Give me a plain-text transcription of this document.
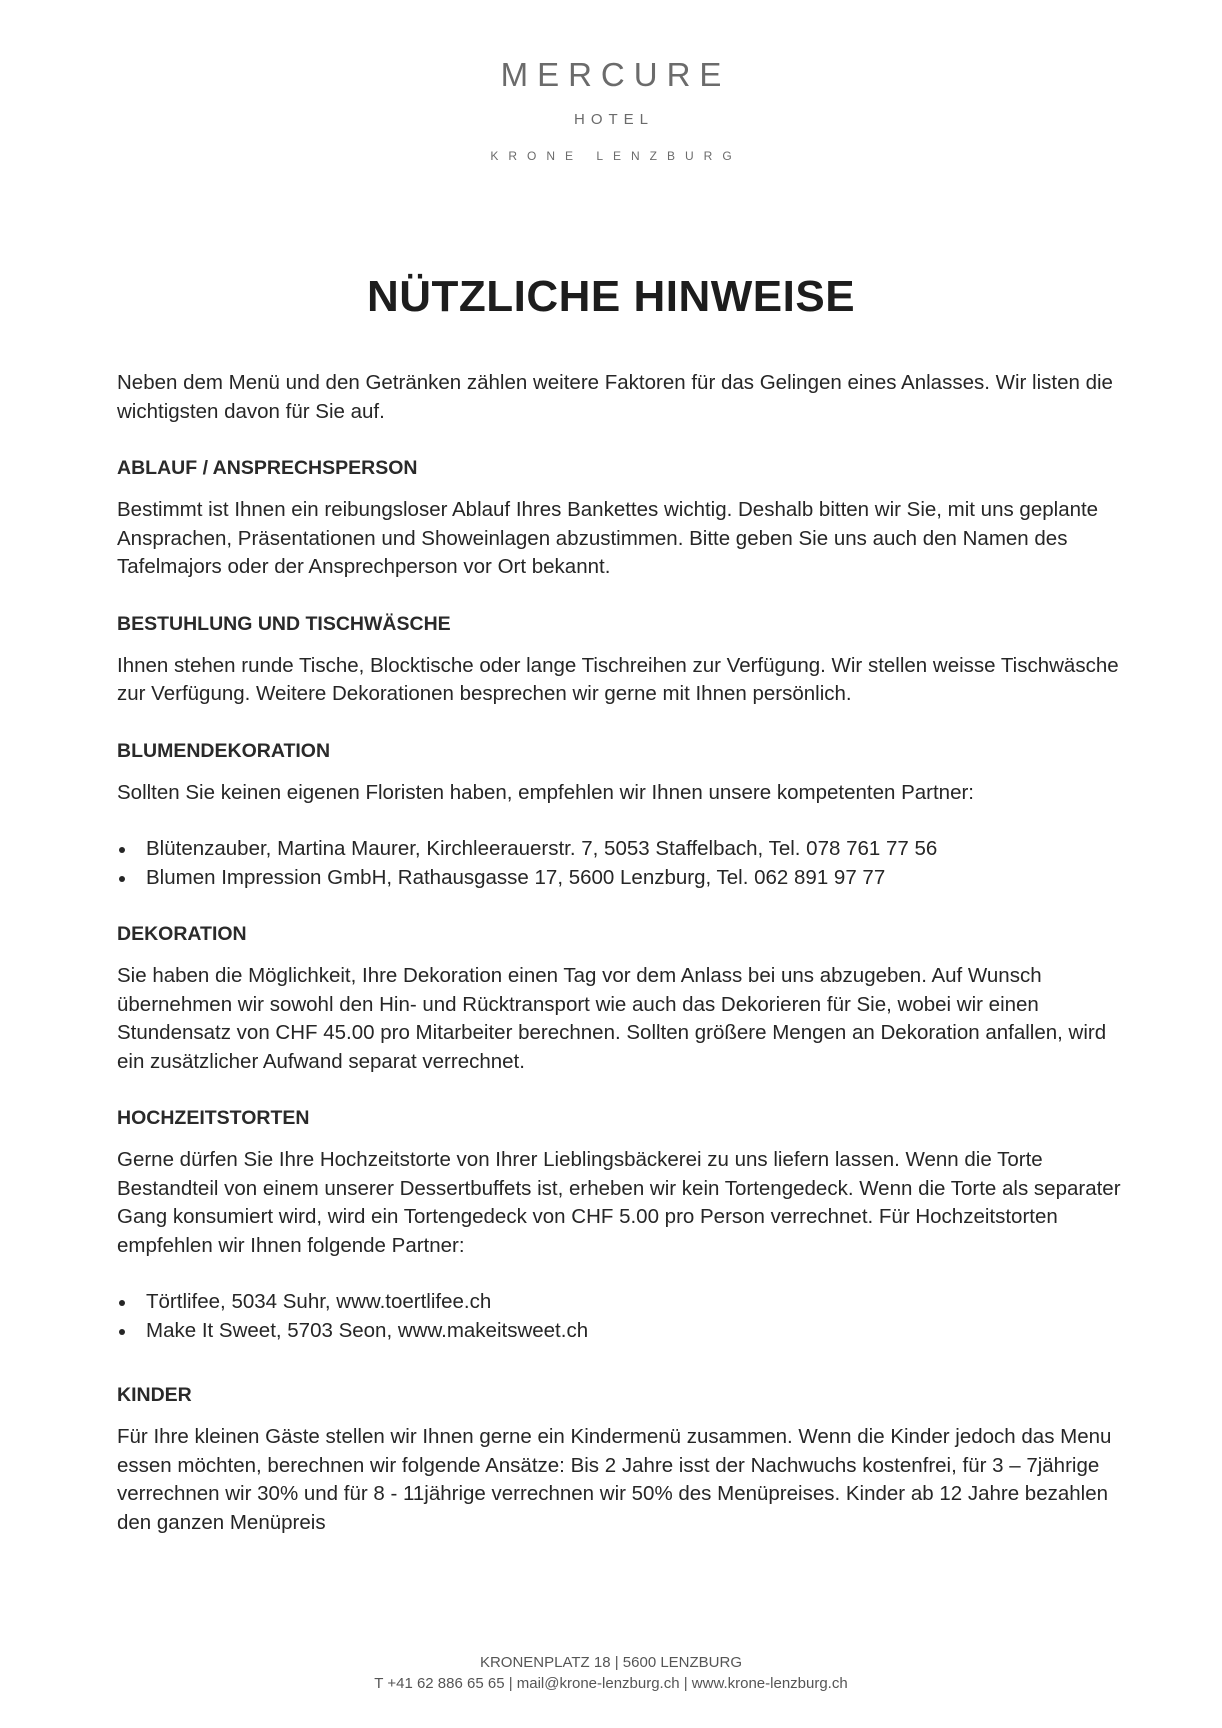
MERCURE
HOTEL
KRONE LENZBURG
NÜTZLICHE HINWEISE

Neben dem Menü und den Getränken zählen weitere Faktoren für das Gelingen eines Anlasses. Wir listen die wichtigsten davon für Sie auf.

ABLAUF / ANSPRECHSPERSON

Bestimmt ist Ihnen ein reibungsloser Ablauf Ihres Bankettes wichtig. Deshalb bitten wir Sie, mit uns geplante Ansprachen, Präsentationen und Showeinlagen abzustimmen. Bitte geben Sie uns auch den Namen des Tafelmajors oder der Ansprechperson vor Ort bekannt.

BESTUHLUNG UND TISCHWÄSCHE

Ihnen stehen runde Tische, Blocktische oder lange Tischreihen zur Verfügung. Wir stellen weisse Tischwäsche zur Verfügung. Weitere Dekorationen besprechen wir gerne mit Ihnen persönlich.

BLUMENDEKORATION

Sollten Sie keinen eigenen Floristen haben, empfehlen wir Ihnen unsere kompetenten Partner:

Blütenzauber, Martina Maurer, Kirchleerauerstr. 7, 5053 Staffelbach, Tel. 078 761 77 56
Blumen Impression GmbH, Rathausgasse 17, 5600 Lenzburg, Tel. 062 891 97 77
DEKORATION

Sie haben die Möglichkeit, Ihre Dekoration einen Tag vor dem Anlass bei uns abzugeben. Auf Wunsch übernehmen wir sowohl den Hin- und Rücktransport wie auch das Dekorieren für Sie, wobei wir einen Stundensatz von CHF 45.00 pro Mitarbeiter berechnen. Sollten größere Mengen an Dekoration anfallen, wird ein zusätzlicher Aufwand separat verrechnet.

HOCHZEITSTORTEN

Gerne dürfen Sie Ihre Hochzeitstorte von Ihrer Lieblingsbäckerei zu uns liefern lassen. Wenn die Torte Bestandteil von einem unserer Dessertbuffets ist, erheben wir kein Tortengedeck. Wenn die Torte als separater Gang konsumiert wird, wird ein Tortengedeck von CHF 5.00 pro Person verrechnet. Für Hochzeitstorten empfehlen wir Ihnen folgende Partner:

Törtlifee, 5034 Suhr, www.toertlifee.ch
Make It Sweet, 5703 Seon, www.makeitsweet.ch
KINDER

Für Ihre kleinen Gäste stellen wir Ihnen gerne ein Kindermenü zusammen. Wenn die Kinder jedoch das Menu essen möchten, berechnen wir folgende Ansätze: Bis 2 Jahre isst der Nachwuchs kostenfrei, für 3 – 7jährige verrechnen wir 30% und für 8 - 11jährige verrechnen wir 50% des Menüpreises. Kinder ab 12 Jahre bezahlen den ganzen Menüpreis

KRONENPLATZ 18 | 5600 LENZBURG
T +41 62 886 65 65 | mail@krone-lenzburg.ch | www.krone-lenzburg.ch
